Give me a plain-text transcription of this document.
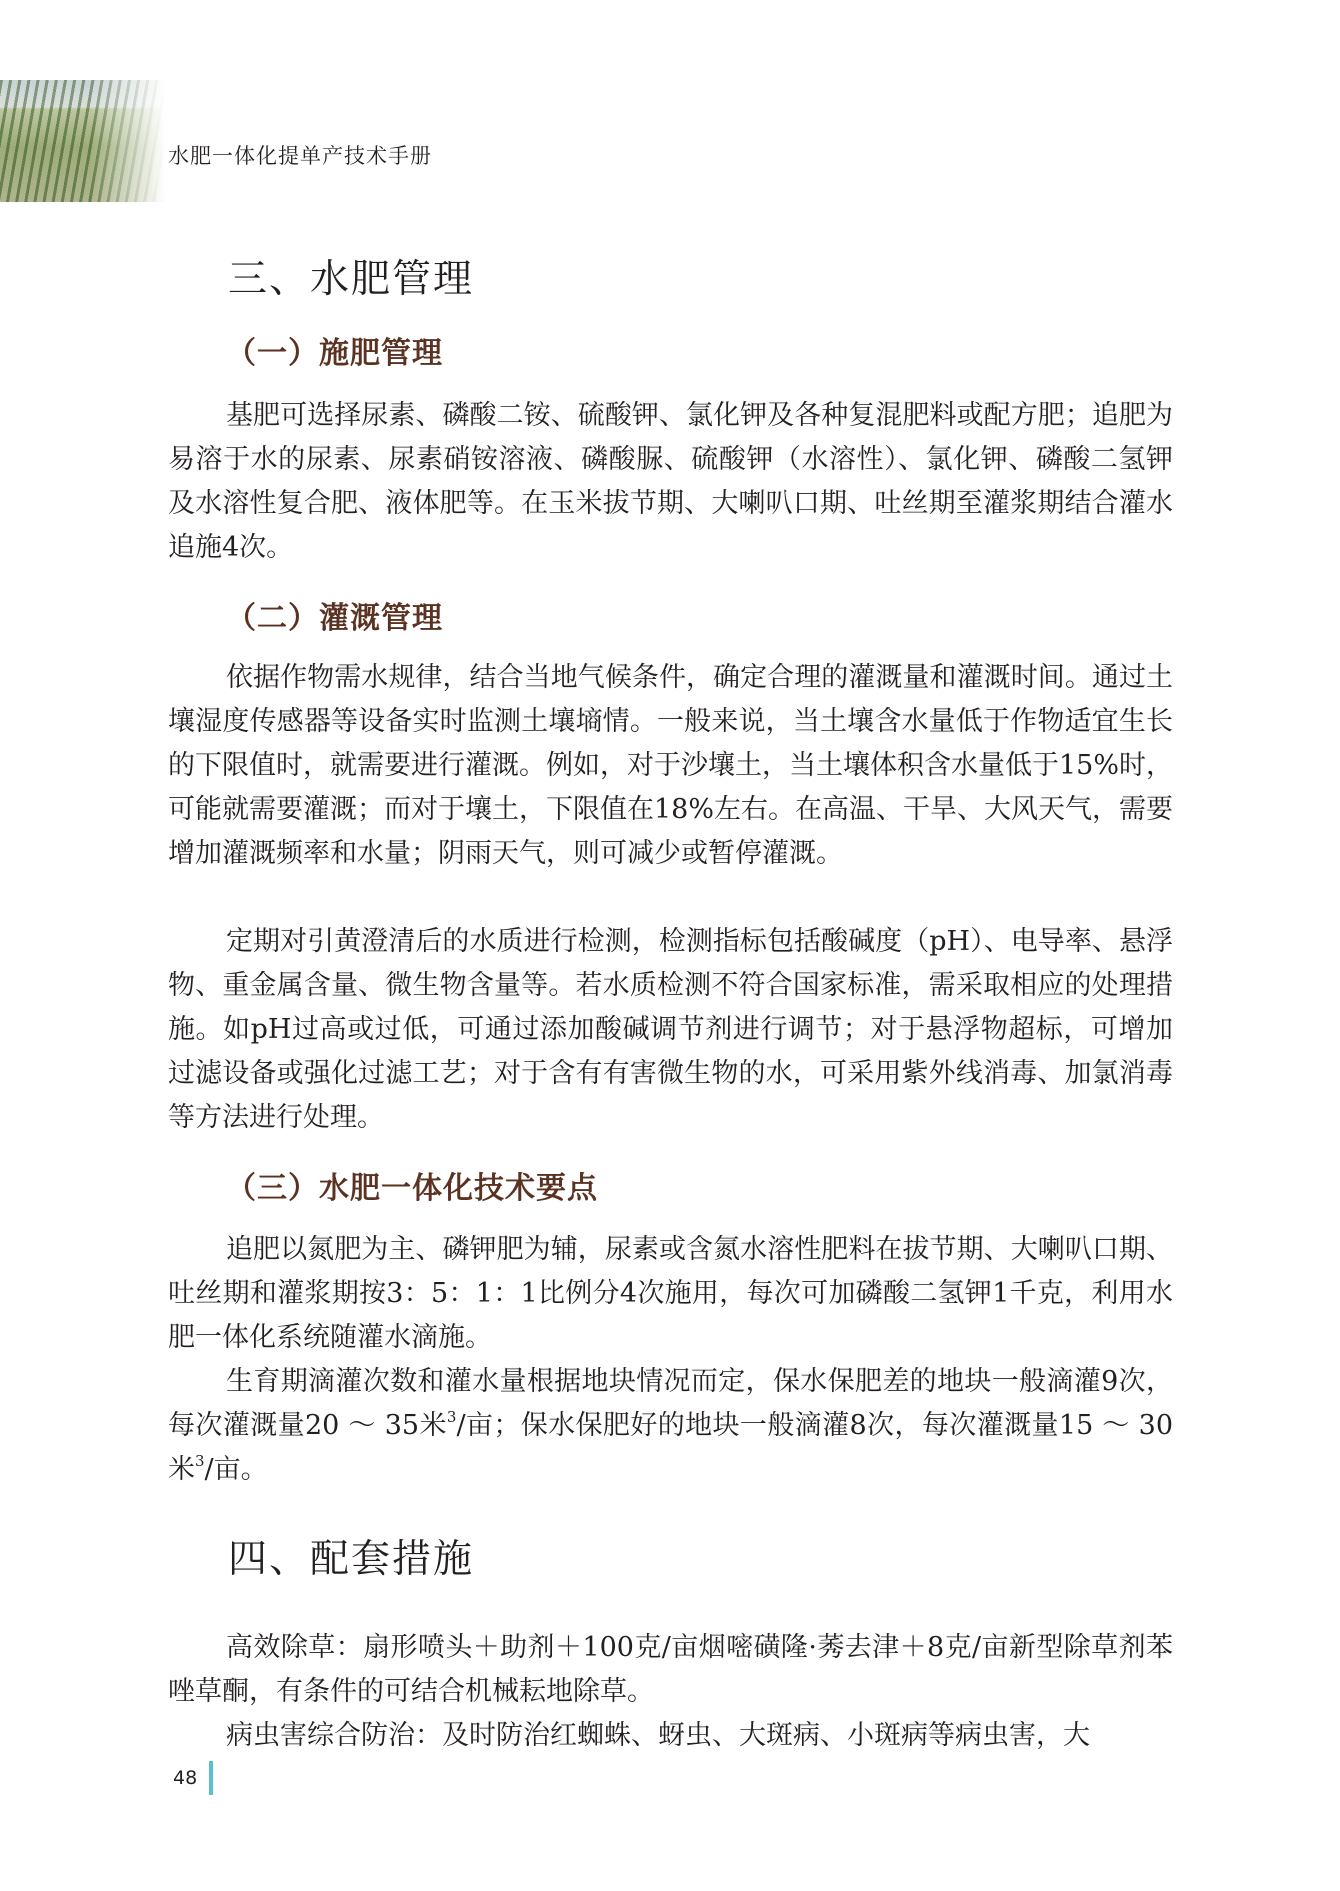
水肥一体化提单产技术手册
三、水肥管理
（一）施肥管理

基肥可选择尿素、磷酸二铵、硫酸钾、氯化钾及各种复混肥料或配方肥；追肥为易溶于水的尿素、尿素硝铵溶液、磷酸脲、硫酸钾（水溶性）、氯化钾、磷酸二氢钾及水溶性复合肥、液体肥等。在玉米拔节期、大喇叭口期、吐丝期至灌浆期结合灌水追施4次。

（二）灌溉管理

依据作物需水规律，结合当地气候条件，确定合理的灌溉量和灌溉时间。通过土壤湿度传感器等设备实时监测土壤墒情。一般来说，当土壤含水量低于作物适宜生长的下限值时，就需要进行灌溉。例如，对于沙壤土，当土壤体积含水量低于15%时，可能就需要灌溉；而对于壤土，下限值在18%左右。在高温、干旱、大风天气，需要增加灌溉频率和水量；阴雨天气，则可减少或暂停灌溉。

定期对引黄澄清后的水质进行检测，检测指标包括酸碱度（pH）、电导率、悬浮物、重金属含量、微生物含量等。若水质检测不符合国家标准，需采取相应的处理措施。如pH过高或过低，可通过添加酸碱调节剂进行调节；对于悬浮物超标，可增加过滤设备或强化过滤工艺；对于含有有害微生物的水，可采用紫外线消毒、加氯消毒等方法进行处理。

（三）水肥一体化技术要点

追肥以氮肥为主、磷钾肥为辅，尿素或含氮水溶性肥料在拔节期、大喇叭口期、吐丝期和灌浆期按3：5：1：1比例分4次施用，每次可加磷酸二氢钾1千克，利用水肥一体化系统随灌水滴施。

生育期滴灌次数和灌水量根据地块情况而定，保水保肥差的地块一般滴灌9次，每次灌溉量20 ～ 35米$^3$/亩；保水保肥好的地块一般滴灌8次，每次灌溉量15 ～ 30米$^3$/亩。

四、配套措施

高效除草：扇形喷头＋助剂＋100克/亩烟嘧磺隆·莠去津＋8克/亩新型除草剂苯唑草酮，有条件的可结合机械耘地除草。

病虫害综合防治：及时防治红蜘蛛、蚜虫、大斑病、小斑病等病虫害，大

48
